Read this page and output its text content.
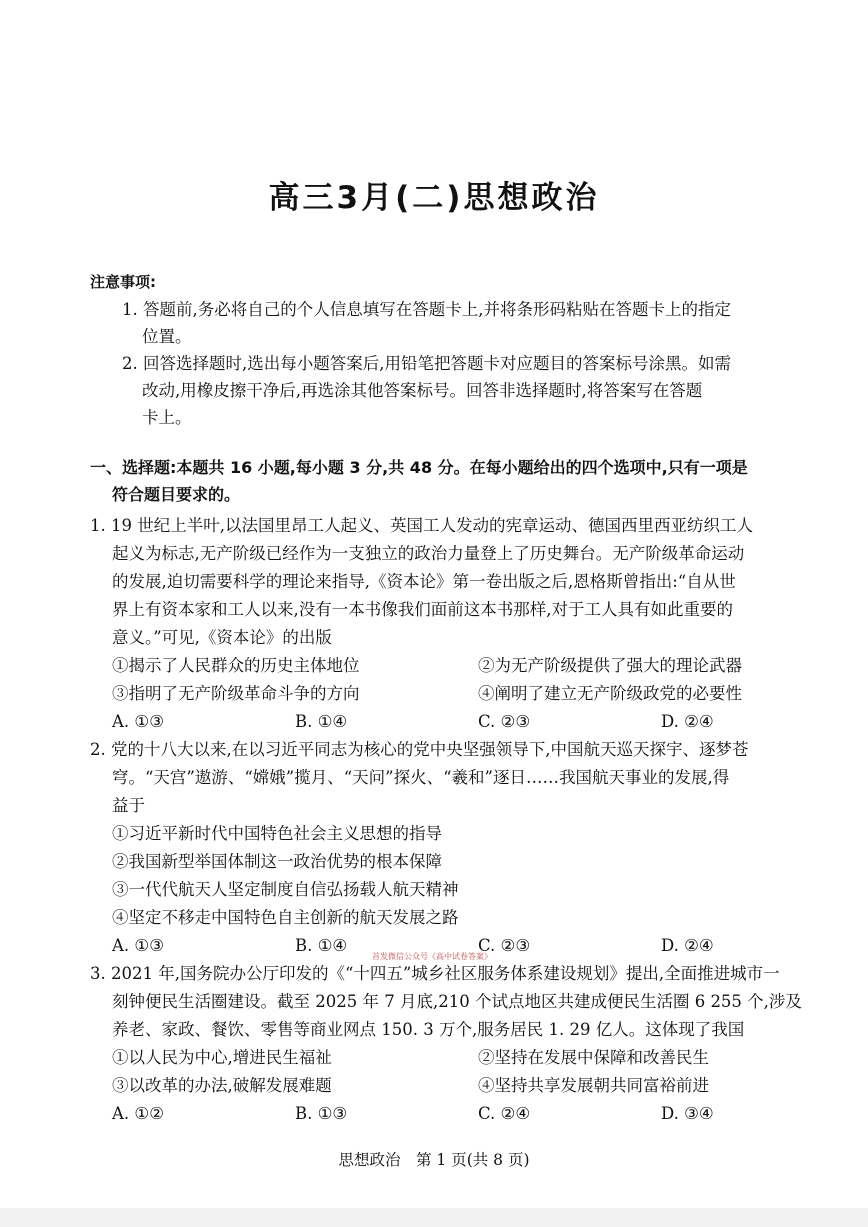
高三3月(二)思想政治
注意事项:
1. 答题前,务必将自己的个人信息填写在答题卡上,并将条形码粘贴在答题卡上的指定
位置。
2. 回答选择题时,选出每小题答案后,用铅笔把答题卡对应题目的答案标号涂黑。如需
改动,用橡皮擦干净后,再选涂其他答案标号。回答非选择题时,将答案写在答题
卡上。
一、选择题:本题共 16 小题,每小题 3 分,共 48 分。在每小题给出的四个选项中,只有一项是
符合题目要求的。
1. 19 世纪上半叶,以法国里昂工人起义、英国工人发动的宪章运动、德国西里西亚纺织工人
起义为标志,无产阶级已经作为一支独立的政治力量登上了历史舞台。无产阶级革命运动
的发展,迫切需要科学的理论来指导,《资本论》第一卷出版之后,恩格斯曾指出:“自从世
界上有资本家和工人以来,没有一本书像我们面前这本书那样,对于工人具有如此重要的
意义。”可见,《资本论》的出版
①揭示了人民群众的历史主体地位	②为无产阶级提供了强大的理论武器
③指明了无产阶级革命斗争的方向	④阐明了建立无产阶级政党的必要性
A. ①③	B. ①④	C. ②③	D. ②④
2. 党的十八大以来,在以习近平同志为核心的党中央坚强领导下,中国航天巡天探宇、逐梦苍
穹。“天宫”遨游、“嫦娥”揽月、“天问”探火、“羲和”逐日……我国航天事业的发展,得
益于
①习近平新时代中国特色社会主义思想的指导
②我国新型举国体制这一政治优势的根本保障
③一代代航天人坚定制度自信弘扬载人航天精神
④坚定不移走中国特色自主创新的航天发展之路
A. ①③	B. ①④	C. ②③	D. ②④
首发微信公众号《高中试卷答案》
3. 2021 年,国务院办公厅印发的《“十四五”城乡社区服务体系建设规划》提出,全面推进城市一
刻钟便民生活圈建设。截至 2025 年 7 月底,210 个试点地区共建成便民生活圈 6 255 个,涉及
养老、家政、餐饮、零售等商业网点 150. 3 万个,服务居民 1. 29 亿人。这体现了我国
①以人民为中心,增进民生福祉	②坚持在发展中保障和改善民生
③以改革的办法,破解发展难题	④坚持共享发展朝共同富裕前进
A. ①②	B. ①③	C. ②④	D. ③④
思想政治　第 1 页(共 8 页)
